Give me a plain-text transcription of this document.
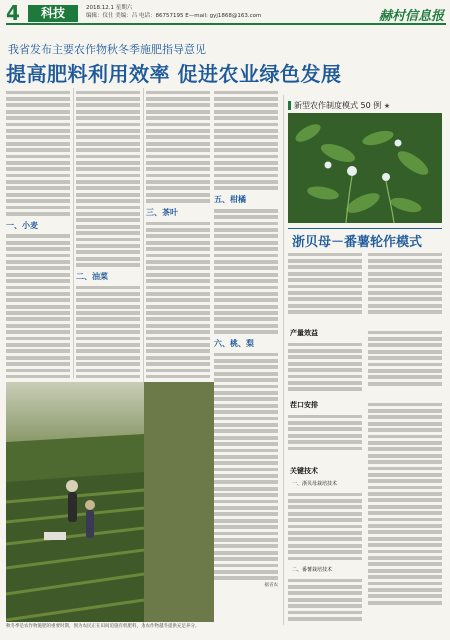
4	科技	2018.12.1 星期六
编辑：仪仕 美编：吕 电话：86757195 E—mail: gyj1868@163.com	赫村信息报
我省发布主要农作物秋冬季施肥指导意见
提高肥料利用效率 促进农业绿色发展
一、小麦
二、油菜
三、茶叶
五、柑橘
六、桃、梨
据省农
秋冬季是农作物施肥的重要时期，图为农民正在田间追施有机肥料，为农作物越冬提供充足养分。
新型农作制度模式 50 例 ★
浙贝母－番薯轮作模式
产量效益
茬口安排
关键技术
一、浙贝母栽培技术
二、番薯栽培技术
